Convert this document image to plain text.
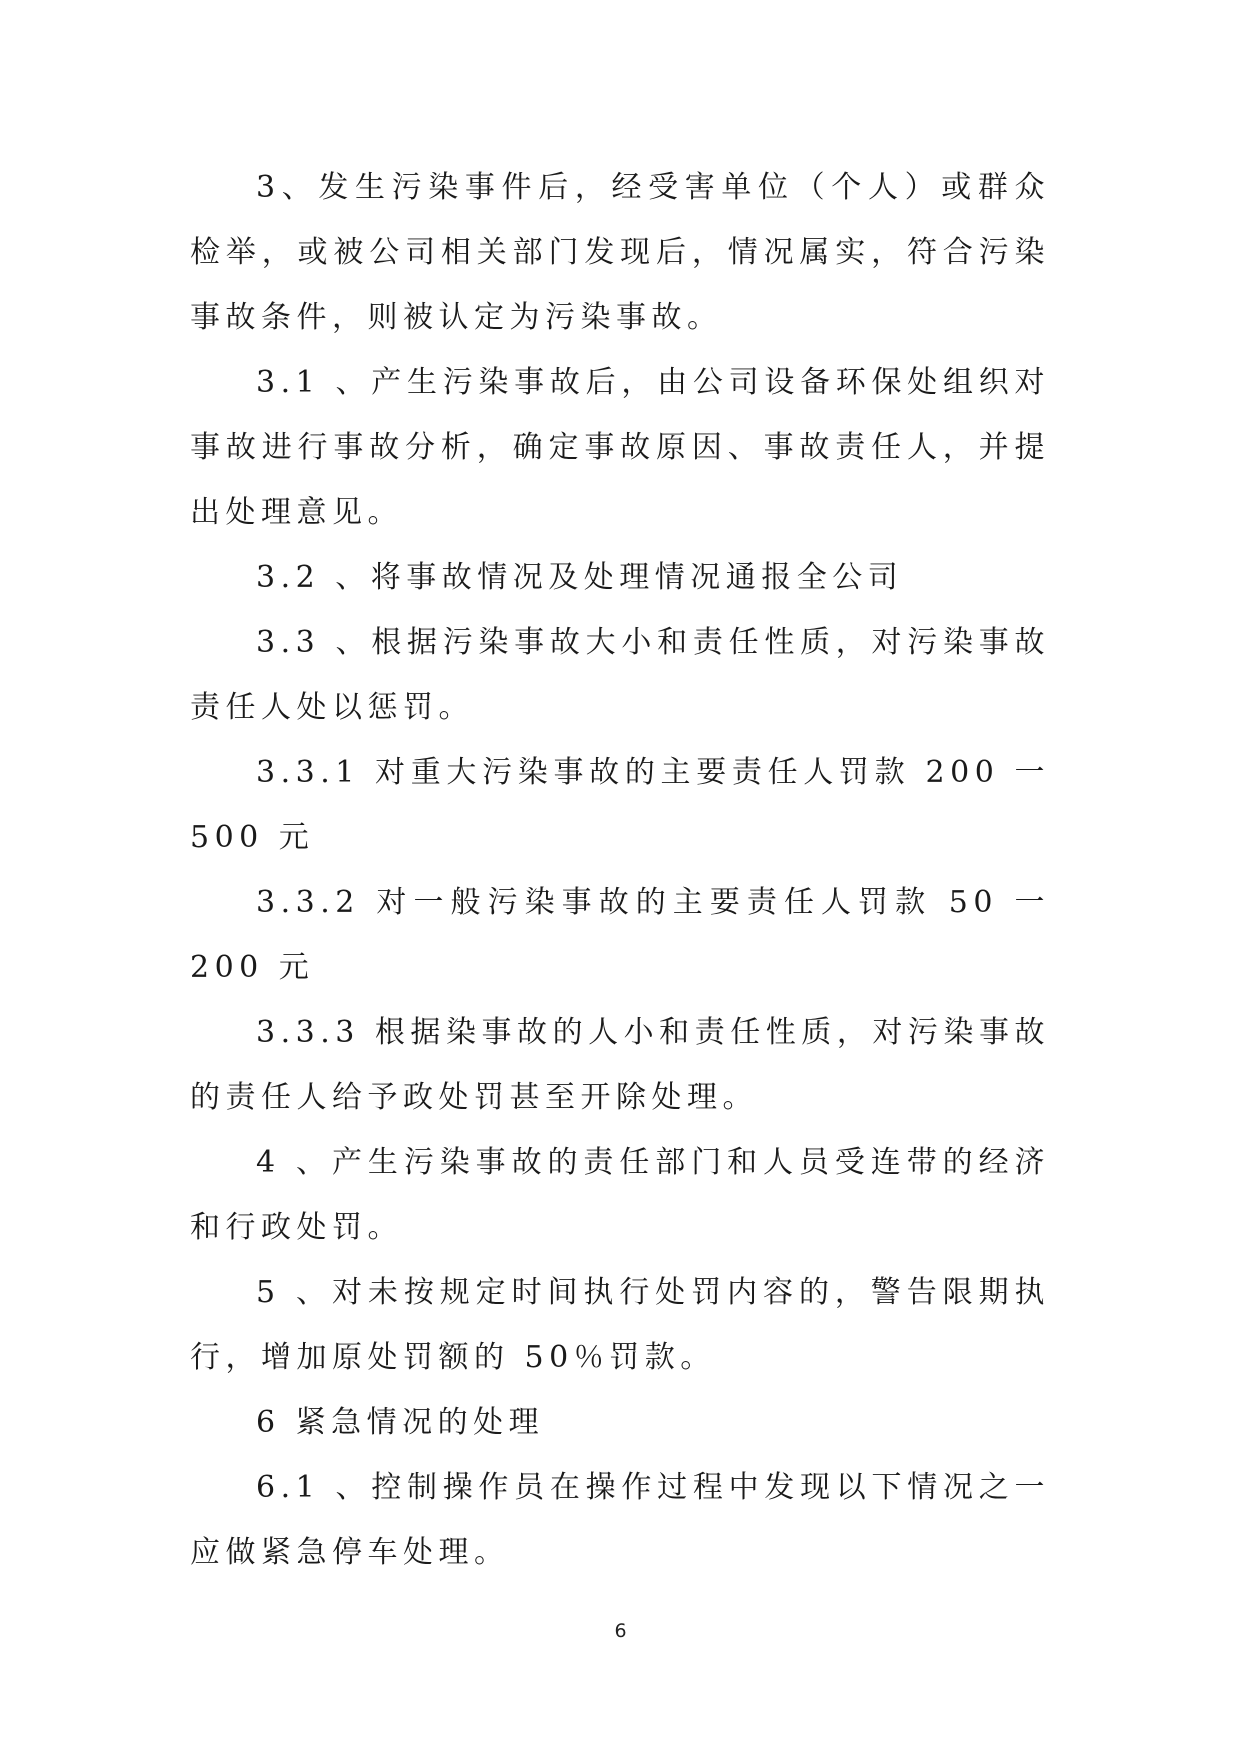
3、发生污染事件后，经受害单位（个人）或群众检举，或被公司相关部门发现后，情况属实，符合污染事故条件，则被认定为污染事故。

3.1 、产生污染事故后，由公司设备环保处组织对事故进行事故分析，确定事故原因、事故责任人，并提出处理意见。

3.2 、将事故情况及处理情况通报全公司

3.3 、根据污染事故大小和责任性质，对污染事故责任人处以惩罚。

3.3.1 对重大污染事故的主要责任人罚款 200 一 500 元

3.3.2 对一般污染事故的主要责任人罚款 50 一 200 元

3.3.3 根据染事故的人小和责任性质，对污染事故的责任人给予政处罚甚至开除处理。

4 、产生污染事故的责任部门和人员受连带的经济和行政处罚。

5 、对未按规定时间执行处罚内容的，警告限期执行，增加原处罚额的 50％罚款。

6 紧急情况的处理

6.1 、控制操作员在操作过程中发现以下情况之一 应做紧急停车处理。

6
